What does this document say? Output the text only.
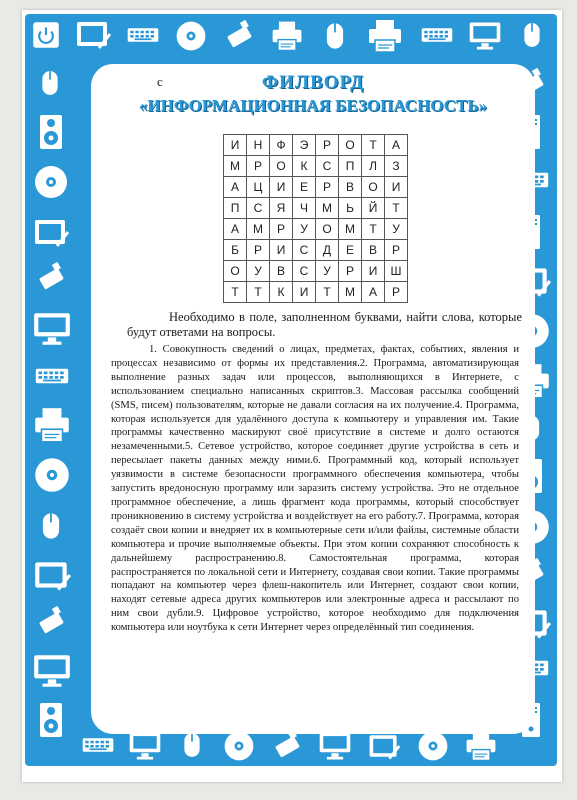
с	ФИЛВОРД
«ИНФОРМАЦИОННАЯ БЕЗОПАСНОСТЬ»
И	Н	Ф	Э	Р	О	Т	А
М	Р	О	К	С	П	Л	З
А	Ц	И	Е	Р	В	О	И
П	С	Я	Ч	М	Ь	Й	Т
А	М	Р	У	О	М	Т	У
Б	Р	И	С	Д	Е	В	Р
О	У	В	С	У	Р	И	Ш
Т	Т	К	И	Т	М	А	Р

Необходимо в поле, заполненном буквами, найти слова, которые будут ответами на вопросы.

1. Совокупность сведений о лицах, предметах, фактах, событиях, явления и процессах независимо от формы их представления.2. Программа, автоматизирующая выполнение разных задач или процессов, выполняющихся в Интернете, с использованием специально написанных скриптов.3. Массовая рассылка сообщений (SMS, писем) пользователям, которые не давали согласия на их получение.4. Программа, которая используется для удалённого доступа к компьютеру и управления им. Такие программы качественно маскируют своё присутствие в системе и долго остаются незамеченными.5. Сетевое устройство, которое соединяет другие устройства в сеть и пересылает пакеты данных между ними.6. Программный код, который использует уязвимости в системе безопасности программного обеспечения компьютера, чтобы запустить вредоносную программу или заразить систему устройства. Это не отдельное программное обеспечение, а лишь фрагмент кода программы, который способствует проникновению в систему устройства и воздействует на его работу.7. Программа, которая создаёт свои копии и внедряет их в компьютерные сети и/или файлы, системные области компьютера и прочие выполняемые объекты. При этом копии сохраняют способность к дальнейшему распространению.8. Самостоятельная программа, которая распространяется по локальной сети и Интернету, создавая свои копии. Такие программы попадают на компьютер через флеш-накопитель или Интернет, создают свои копии, находят сетевые адреса других компьютеров или электронные адреса и рассылают по ним свои дубли.9. Цифровое устройство, которое необходимо для подключения компьютера или ноутбука к сети Интернет через определённый тип соединения.
